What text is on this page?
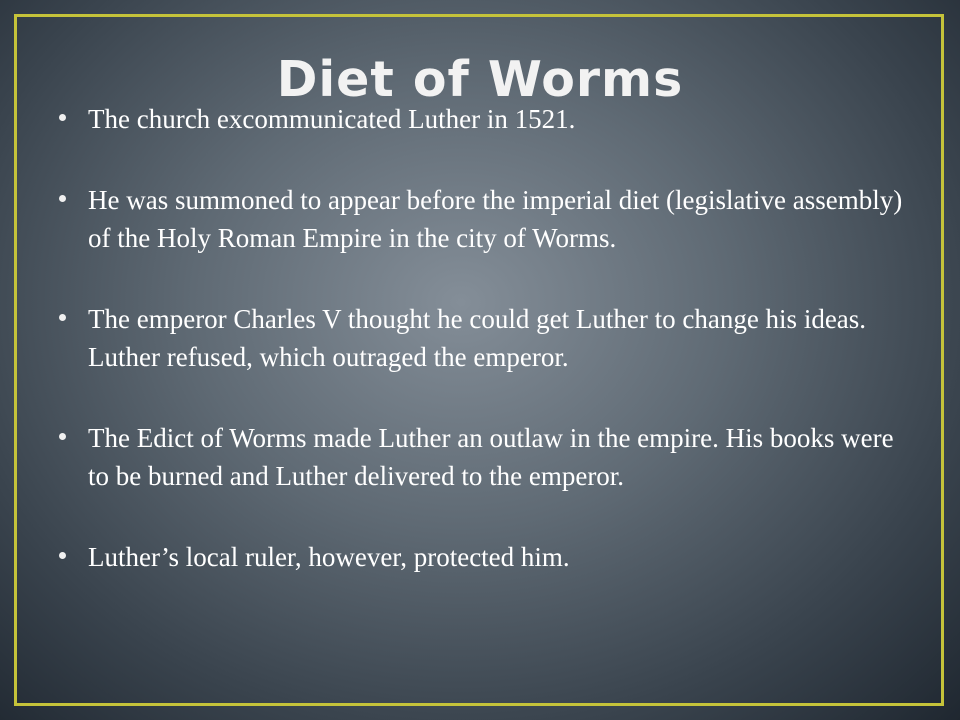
Diet of Worms
The church excommunicated Luther in 1521.
He was summoned to appear before the imperial diet (legislative assembly) of the Holy Roman Empire in the city of Worms.
The emperor Charles V thought he could get Luther to change his ideas. Luther refused, which outraged the emperor.
The Edict of Worms made Luther an outlaw in the empire. His books were to be burned and Luther delivered to the emperor.
Luther’s local ruler, however, protected him.
